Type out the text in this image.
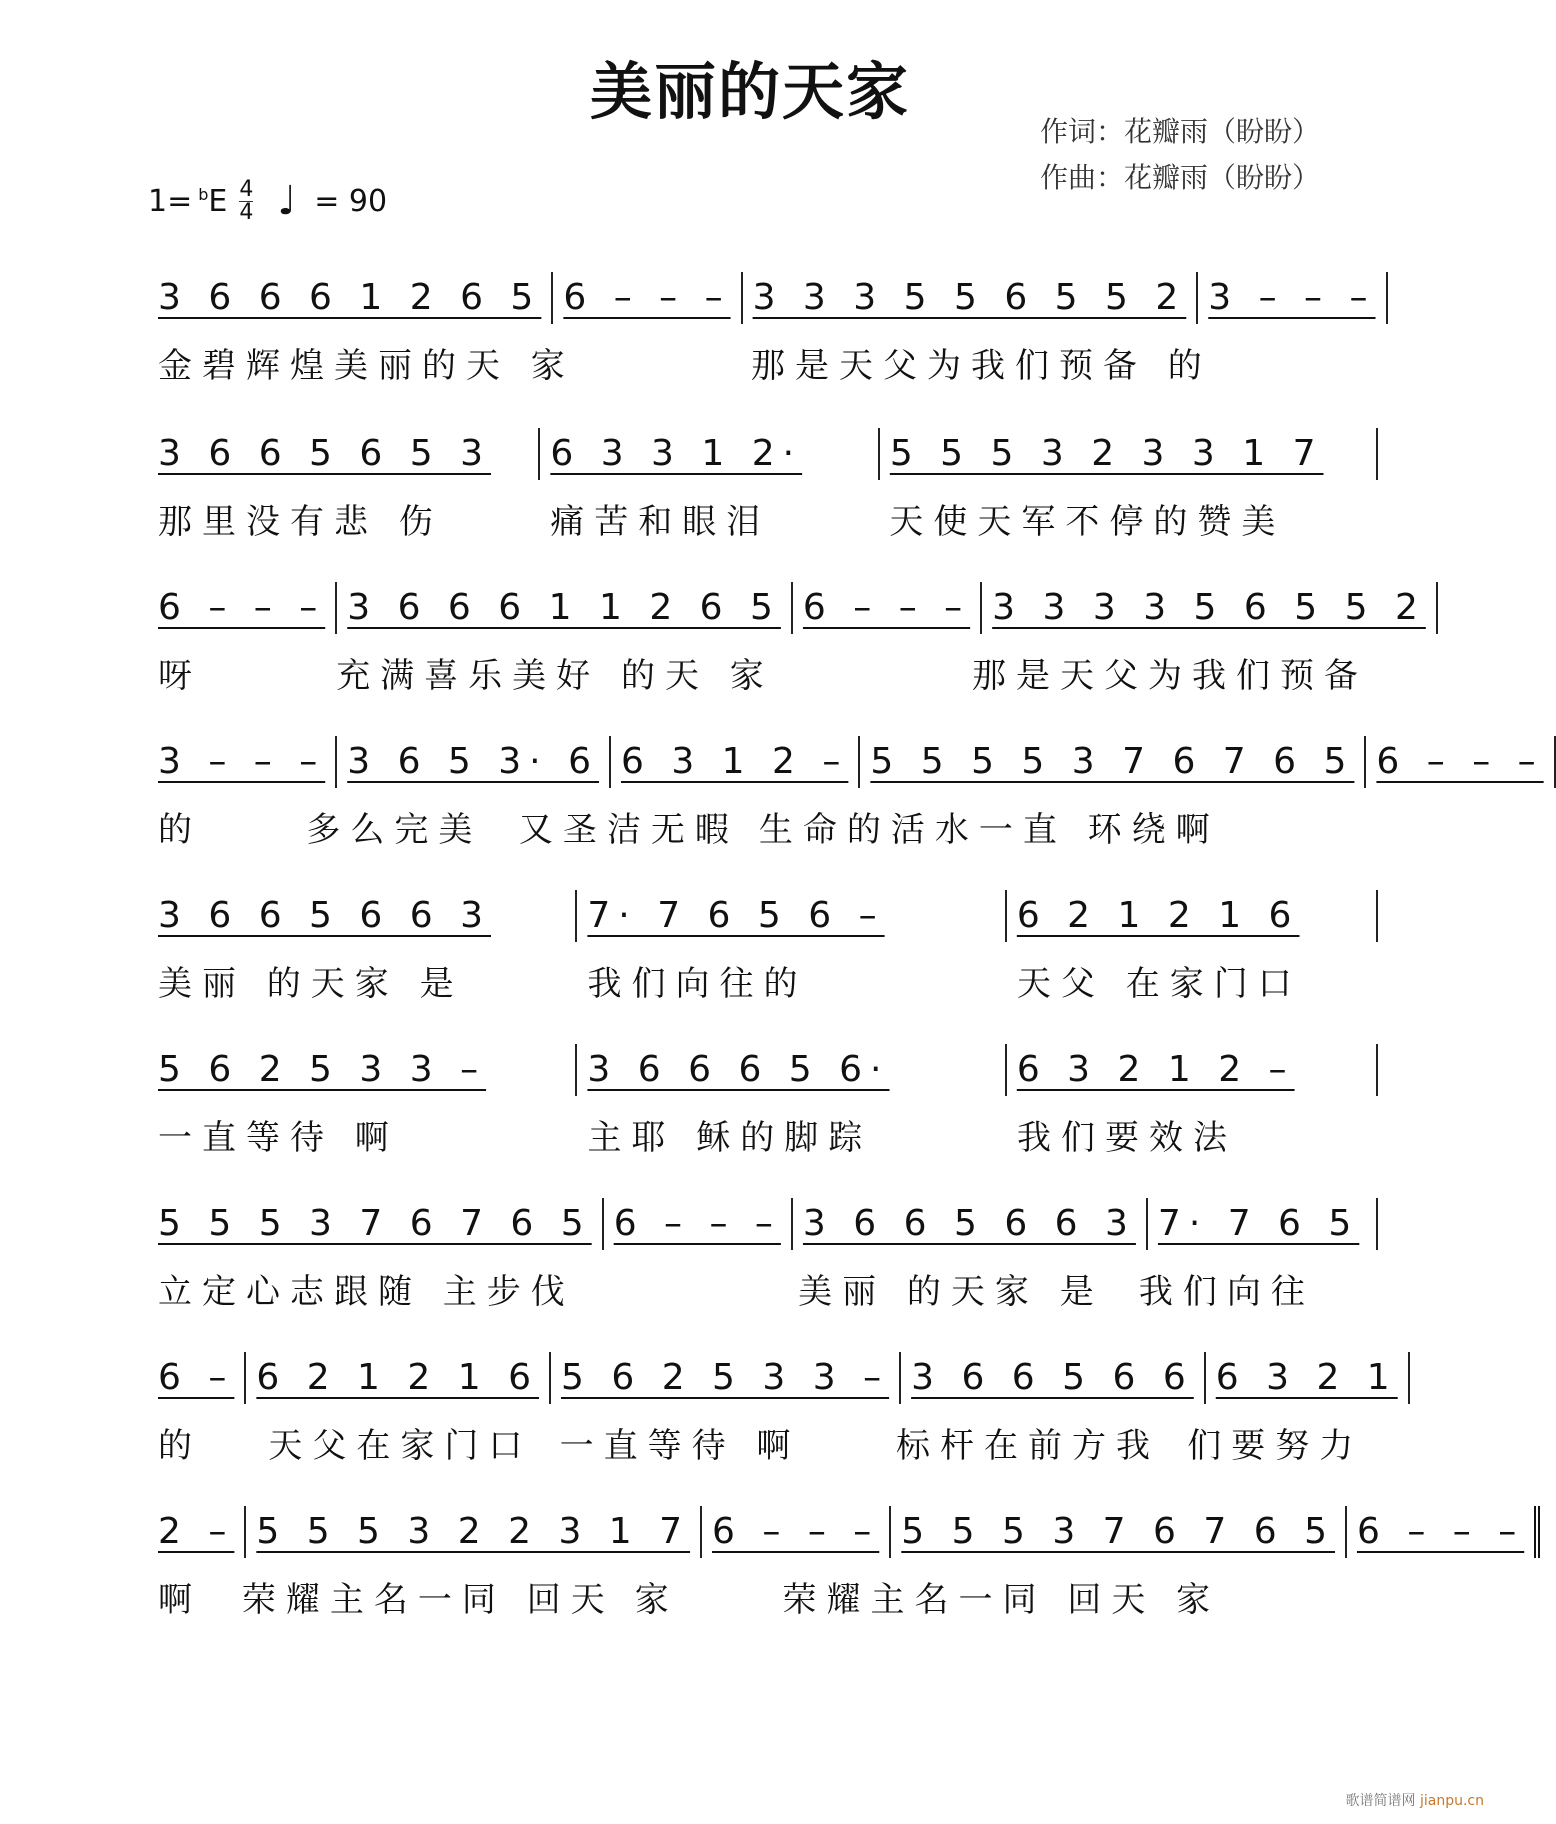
美丽的天家
作词：花瓣雨（盼盼）
作曲：花瓣雨（盼盼）
$1= ^bE \frac{4}{4}$ ♩ = 90
3 6 6 6 1 2 6 5 6 – – – 3 3 3 5 5 6 5 5 2 3 – – –
金碧辉煌美丽的天 家	那是天父为我们预备 的
3 6 6 5 6 5 3	6 3 3 1 2·	5 5 5 3 2 3 3 1 7
那里没有悲 伤	痛苦和眼泪	天使天军不停的赞美
6 – – – 3 6 6 6 1 1 2 6 5 6 – – – 3 3 3 3 5 6 5 5 2
呀	充满喜乐美好 的天 家	那是天父为我们预备
3 – – – 3 6 5 3· 6 6 3 1 2 – 5 5 5 5 3 7 6 7 6 5 6 – – –
的	多么完美	又圣洁无暇 生命的活水一直 环绕啊
3 6 6 5 6 6 3	7· 7 6 5 6 –	6 2 1 2 1 6
美丽 的天家 是	我们向往的	天父 在家门口
5 6 2 5 3 3 –	3 6 6 6 5 6·	6 3 2 1 2 –
一直等待 啊	主耶 稣的脚踪	我们要效法
5 5 5 3 7 6 7 6 5 6 – – – 3 6 6 5 6 6 3 7· 7 6 5
立定心志跟随 主步伐	美丽 的天家 是	我们向往
6 – 6 2 1 2 1 6 5 6 2 5 3 3 – 3 6 6 5 6 6 6 3 2 1
的	天父在家门口 一直等待 啊	标杆在前方我 们要努力
2 – 5 5 5 3 2 2 3 1 7 6 – – – 5 5 5 3 7 6 7 6 5 6 – – –
啊	荣耀主名一同 回天 家	荣耀主名一同 回天 家
歌谱简谱网 jianpu.cn
